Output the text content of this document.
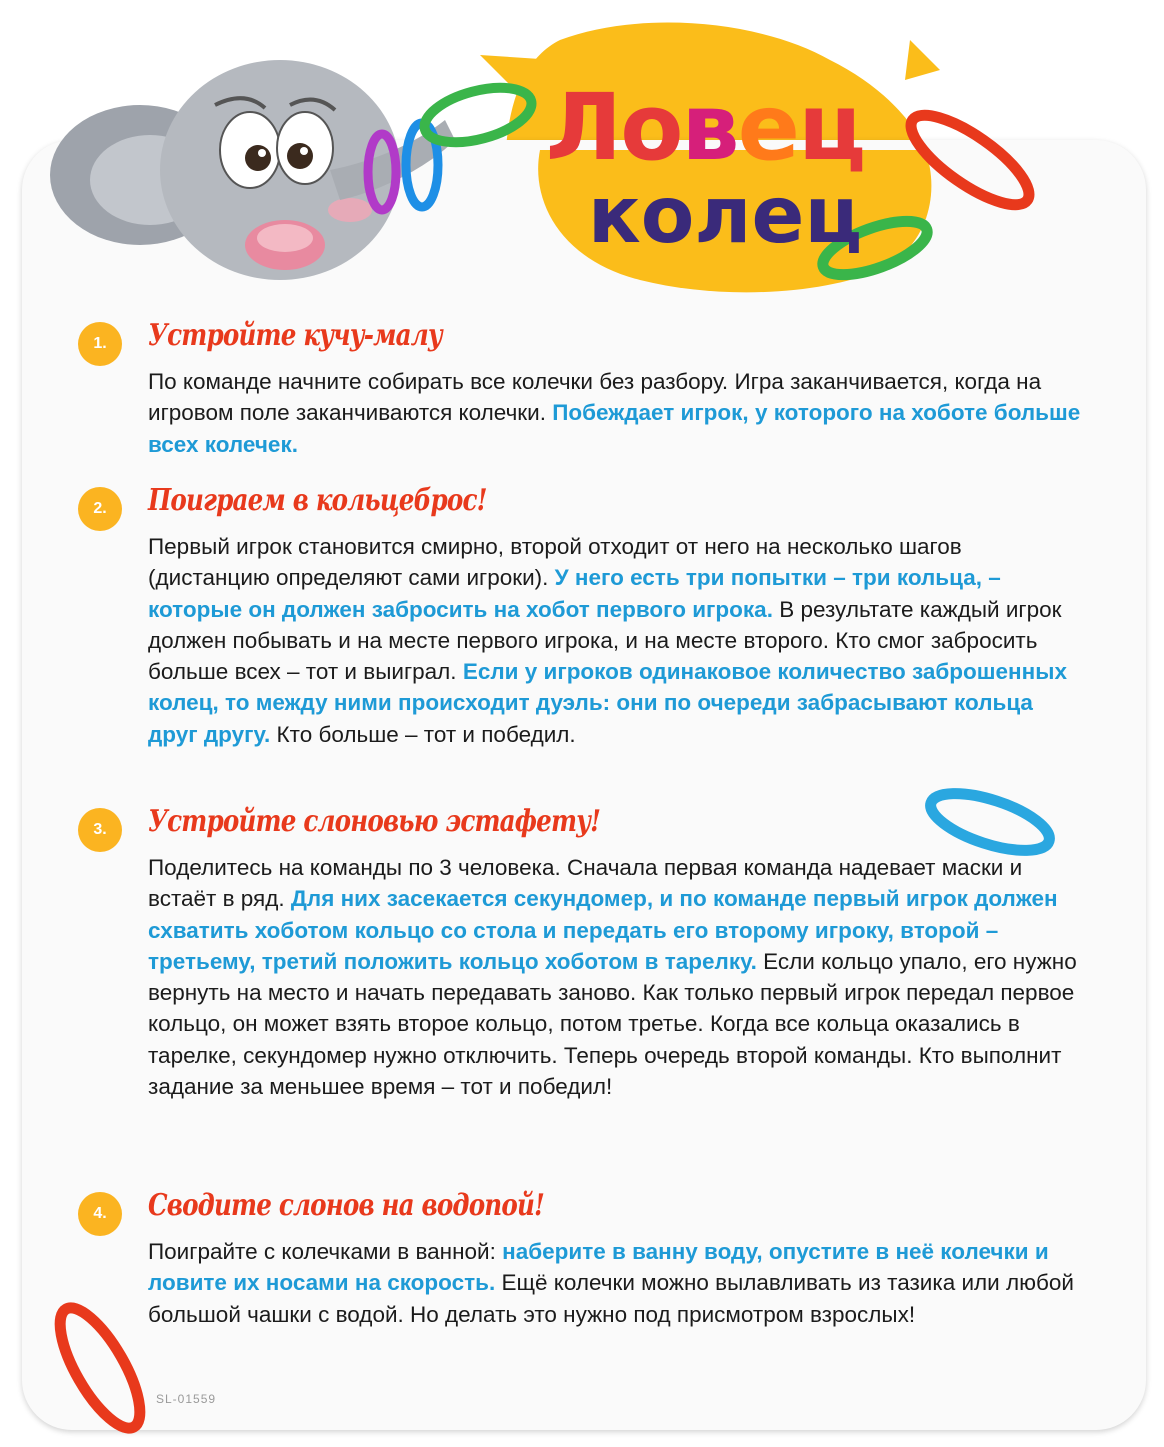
Ловец
колец
1.	Устройте кучу-малу

По команде начните собирать все колечки без разбору. Игра заканчивается, когда на игровом поле заканчиваются колечки. Побеждает игрок, у которого на хоботе больше всех колечек.

2.	Поиграем в кольцеброс!

Первый игрок становится смирно, второй отходит от него на несколько шагов (дистанцию определяют сами игроки). У него есть три попытки – три кольца, – которые он должен забросить на хобот первого игрока. В результате каждый игрок должен побывать и на месте первого игрока, и на месте второго. Кто смог забросить больше всех – тот и выиграл. Если у игроков одинаковое количество заброшенных колец, то между ними происходит дуэль: они по очереди забрасывают кольца друг другу. Кто больше – тот и победил.

3.	Устройте слоновью эстафету!

Поделитесь на команды по 3 человека. Сначала первая команда надевает маски и встаёт в ряд. Для них засекается секундомер, и по команде первый игрок должен схватить хоботом кольцо со стола и передать его второму игроку, второй – третьему, третий положить кольцо хоботом в тарелку. Если кольцо упало, его нужно вернуть на место и начать передавать заново. Как только первый игрок передал первое кольцо, он может взять второе кольцо, потом третье. Когда все кольца оказались в тарелке, секундомер нужно отключить. Теперь очередь второй команды. Кто выполнит задание за меньшее время – тот и победил!

4.	Сводите слонов на водопой!

Поиграйте с колечками в ванной: наберите в ванну воду, опустите в неё колечки и ловите их носами на скорость. Ещё колечки можно вылавливать из тазика или любой большой чашки с водой. Но делать это нужно под присмотром взрослых!

SL-01559
